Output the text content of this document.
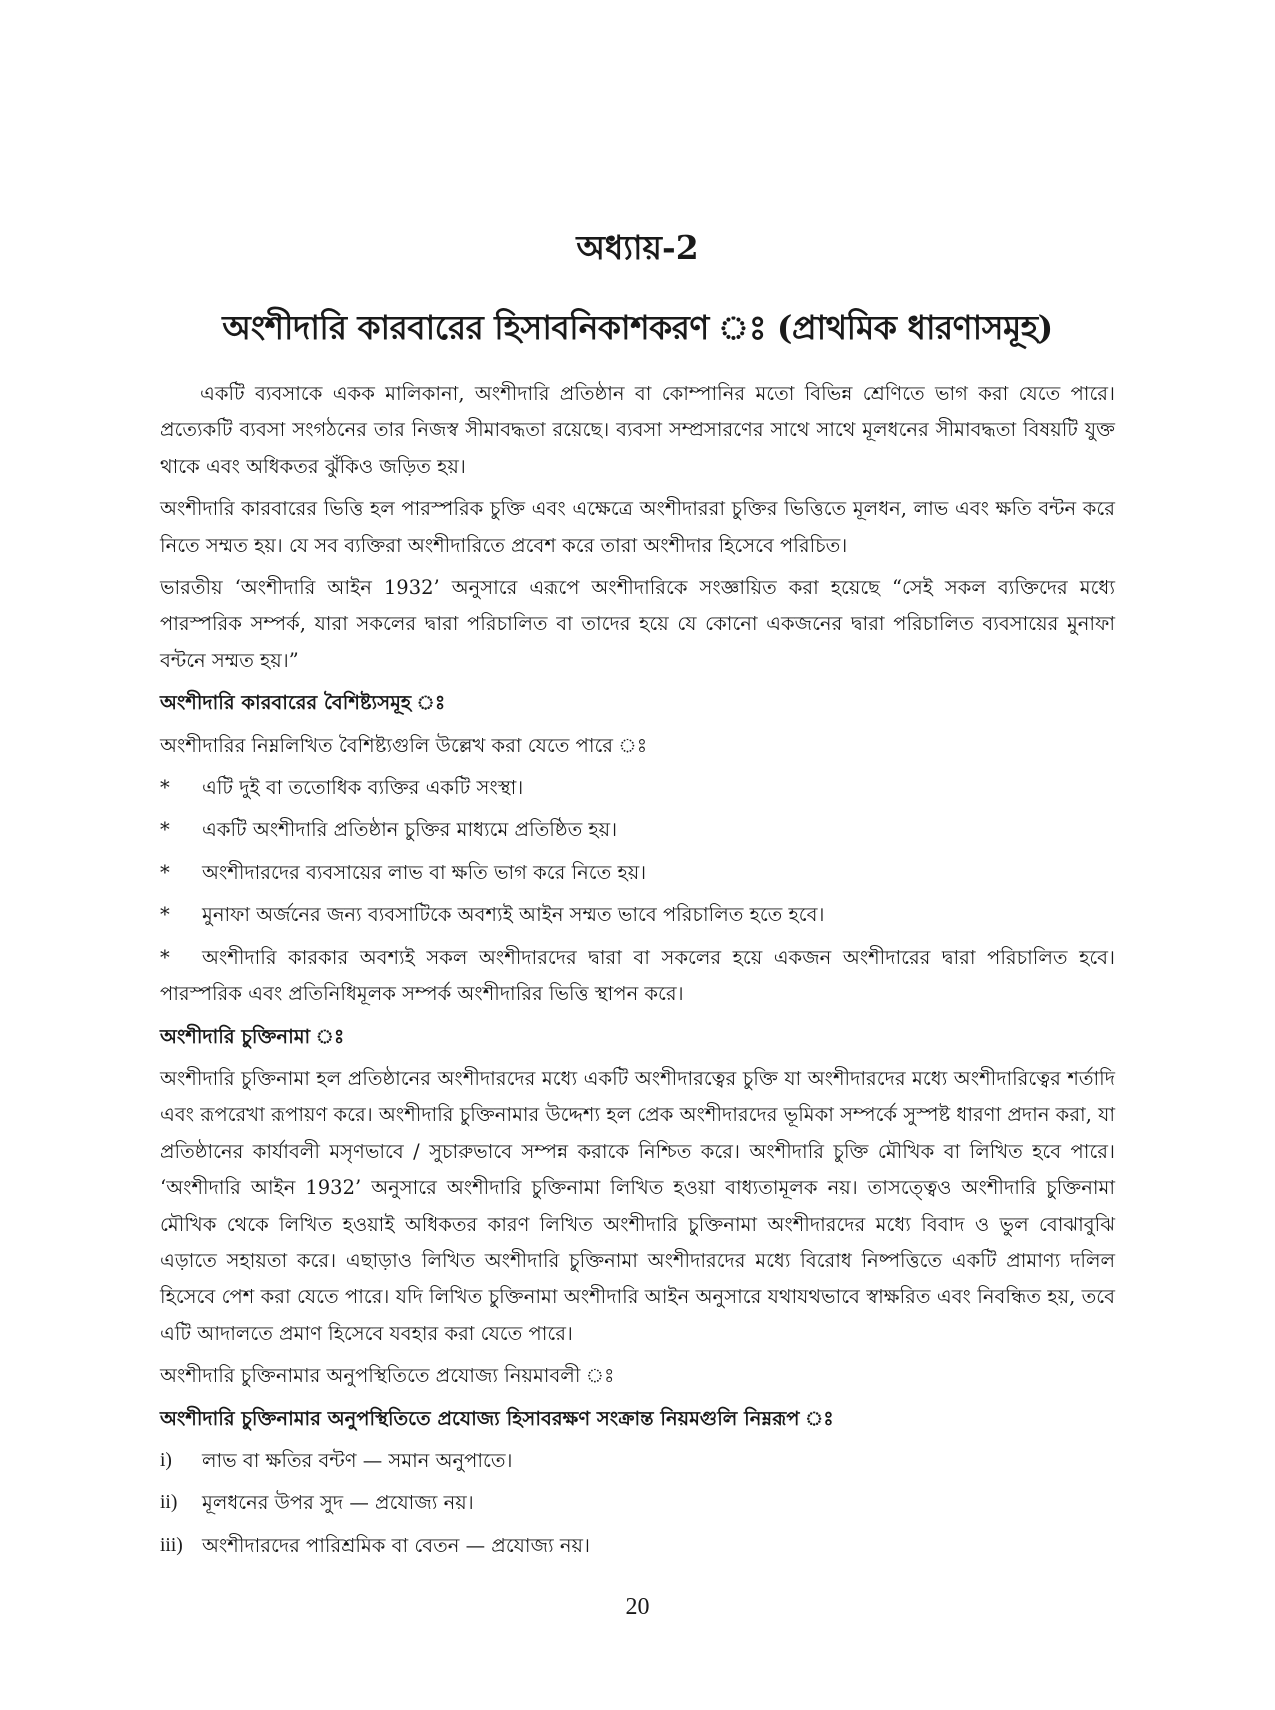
অধ্যায়-2
অংশীদারি কারবারের হিসাবনিকাশকরণ ঃ (প্রাথমিক ধারণাসমূহ)

একটি ব্যবসাকে একক মালিকানা, অংশীদারি প্রতিষ্ঠান বা কোম্পানির মতো বিভিন্ন শ্রেণিতে ভাগ করা যেতে পারে। প্রত্যেকটি ব্যবসা সংগঠনের তার নিজস্ব সীমাবদ্ধতা রয়েছে। ব্যবসা সম্প্রসারণের সাথে সাথে মূলধনের সীমাবদ্ধতা বিষয়টি যুক্ত থাকে এবং অধিকতর ঝুঁকিও জড়িত হয়।

অংশীদারি কারবারের ভিত্তি হল পারস্পরিক চুক্তি এবং এক্ষেত্রে অংশীদাররা চুক্তির ভিত্তিতে মূলধন, লাভ এবং ক্ষতি বন্টন করে নিতে সম্মত হয়। যে সব ব্যক্তিরা অংশীদারিতে প্রবেশ করে তারা অংশীদার হিসেবে পরিচিত।

ভারতীয় ‘অংশীদারি আইন 1932’ অনুসারে এরূপে অংশীদারিকে সংজ্ঞায়িত করা হয়েছে “সেই সকল ব্যক্তিদের মধ্যে পারস্পরিক সম্পর্ক, যারা সকলের দ্বারা পরিচালিত বা তাদের হয়ে যে কোনো একজনের দ্বারা পরিচালিত ব্যবসায়ের মুনাফা বন্টনে সম্মত হয়।”

অংশীদারি কারবারের বৈশিষ্ট্যসমূহ ঃ

অংশীদারির নিম্নলিখিত বৈশিষ্ট্যগুলি উল্লেখ করা যেতে পারে ঃ

*	এটি দুই বা ততোধিক ব্যক্তির একটি সংস্থা।
*	একটি অংশীদারি প্রতিষ্ঠান চুক্তির মাধ্যমে প্রতিষ্ঠিত হয়।
*	অংশীদারদের ব্যবসায়ের লাভ বা ক্ষতি ভাগ করে নিতে হয়।
*	মুনাফা অর্জনের জন্য ব্যবসাটিকে অবশ্যই আইন সম্মত ভাবে পরিচালিত হতে হবে।
* অংশীদারি কারকার অবশ্যই সকল অংশীদারদের দ্বারা বা সকলের হয়ে একজন অংশীদারের দ্বারা পরিচালিত হবে। পারস্পরিক এবং প্রতিনিধিমূলক সম্পর্ক অংশীদারির ভিত্তি স্থাপন করে।

অংশীদারি চুক্তিনামা ঃ

অংশীদারি চুক্তিনামা হল প্রতিষ্ঠানের অংশীদারদের মধ্যে একটি অংশীদারত্বের চুক্তি যা অংশীদারদের মধ্যে অংশীদারিত্বের শর্তাদি এবং রূপরেখা রূপায়ণ করে। অংশীদারি চুক্তিনামার উদ্দেশ্য হল প্রেক অংশীদারদের ভূমিকা সম্পর্কে সুস্পষ্ট ধারণা প্রদান করা, যা প্রতিষ্ঠানের কার্যাবলী মসৃণভাবে / সুচারুভাবে সম্পন্ন করাকে নিশ্চিত করে। অংশীদারি চুক্তি মৌখিক বা লিখিত হবে পারে। ‘অংশীদারি আইন 1932’ অনুসারে অংশীদারি চুক্তিনামা লিখিত হওয়া বাধ্যতামূলক নয়। তাসত্ত্বেও অংশীদারি চুক্তিনামা মৌখিক থেকে লিখিত হওয়াই অধিকতর কারণ লিখিত অংশীদারি চুক্তিনামা অংশীদারদের মধ্যে বিবাদ ও ভুল বোঝাবুঝি এড়াতে সহায়তা করে। এছাড়াও লিখিত অংশীদারি চুক্তিনামা অংশীদারদের মধ্যে বিরোধ নিষ্পত্তিতে একটি প্রামাণ্য দলিল হিসেবে পেশ করা যেতে পারে। যদি লিখিত চুক্তিনামা অংশীদারি আইন অনুসারে যথাযথভাবে স্বাক্ষরিত এবং নিবন্ধিত হয়, তবে এটি আদালতে প্রমাণ হিসেবে যবহার করা যেতে পারে।

অংশীদারি চুক্তিনামার অনুপস্থিতিতে প্রযোজ্য নিয়মাবলী ঃ

অংশীদারি চুক্তিনামার অনুপস্থিতিতে প্রযোজ্য হিসাবরক্ষণ সংক্রান্ত নিয়মগুলি নিম্নরূপ ঃ

i)	লাভ বা ক্ষতির বন্টণ — সমান অনুপাতে।
ii)	মূলধনের উপর সুদ — প্রযোজ্য নয়।
iii) অংশীদারদের পারিশ্রমিক বা বেতন — প্রযোজ্য নয়।
20
